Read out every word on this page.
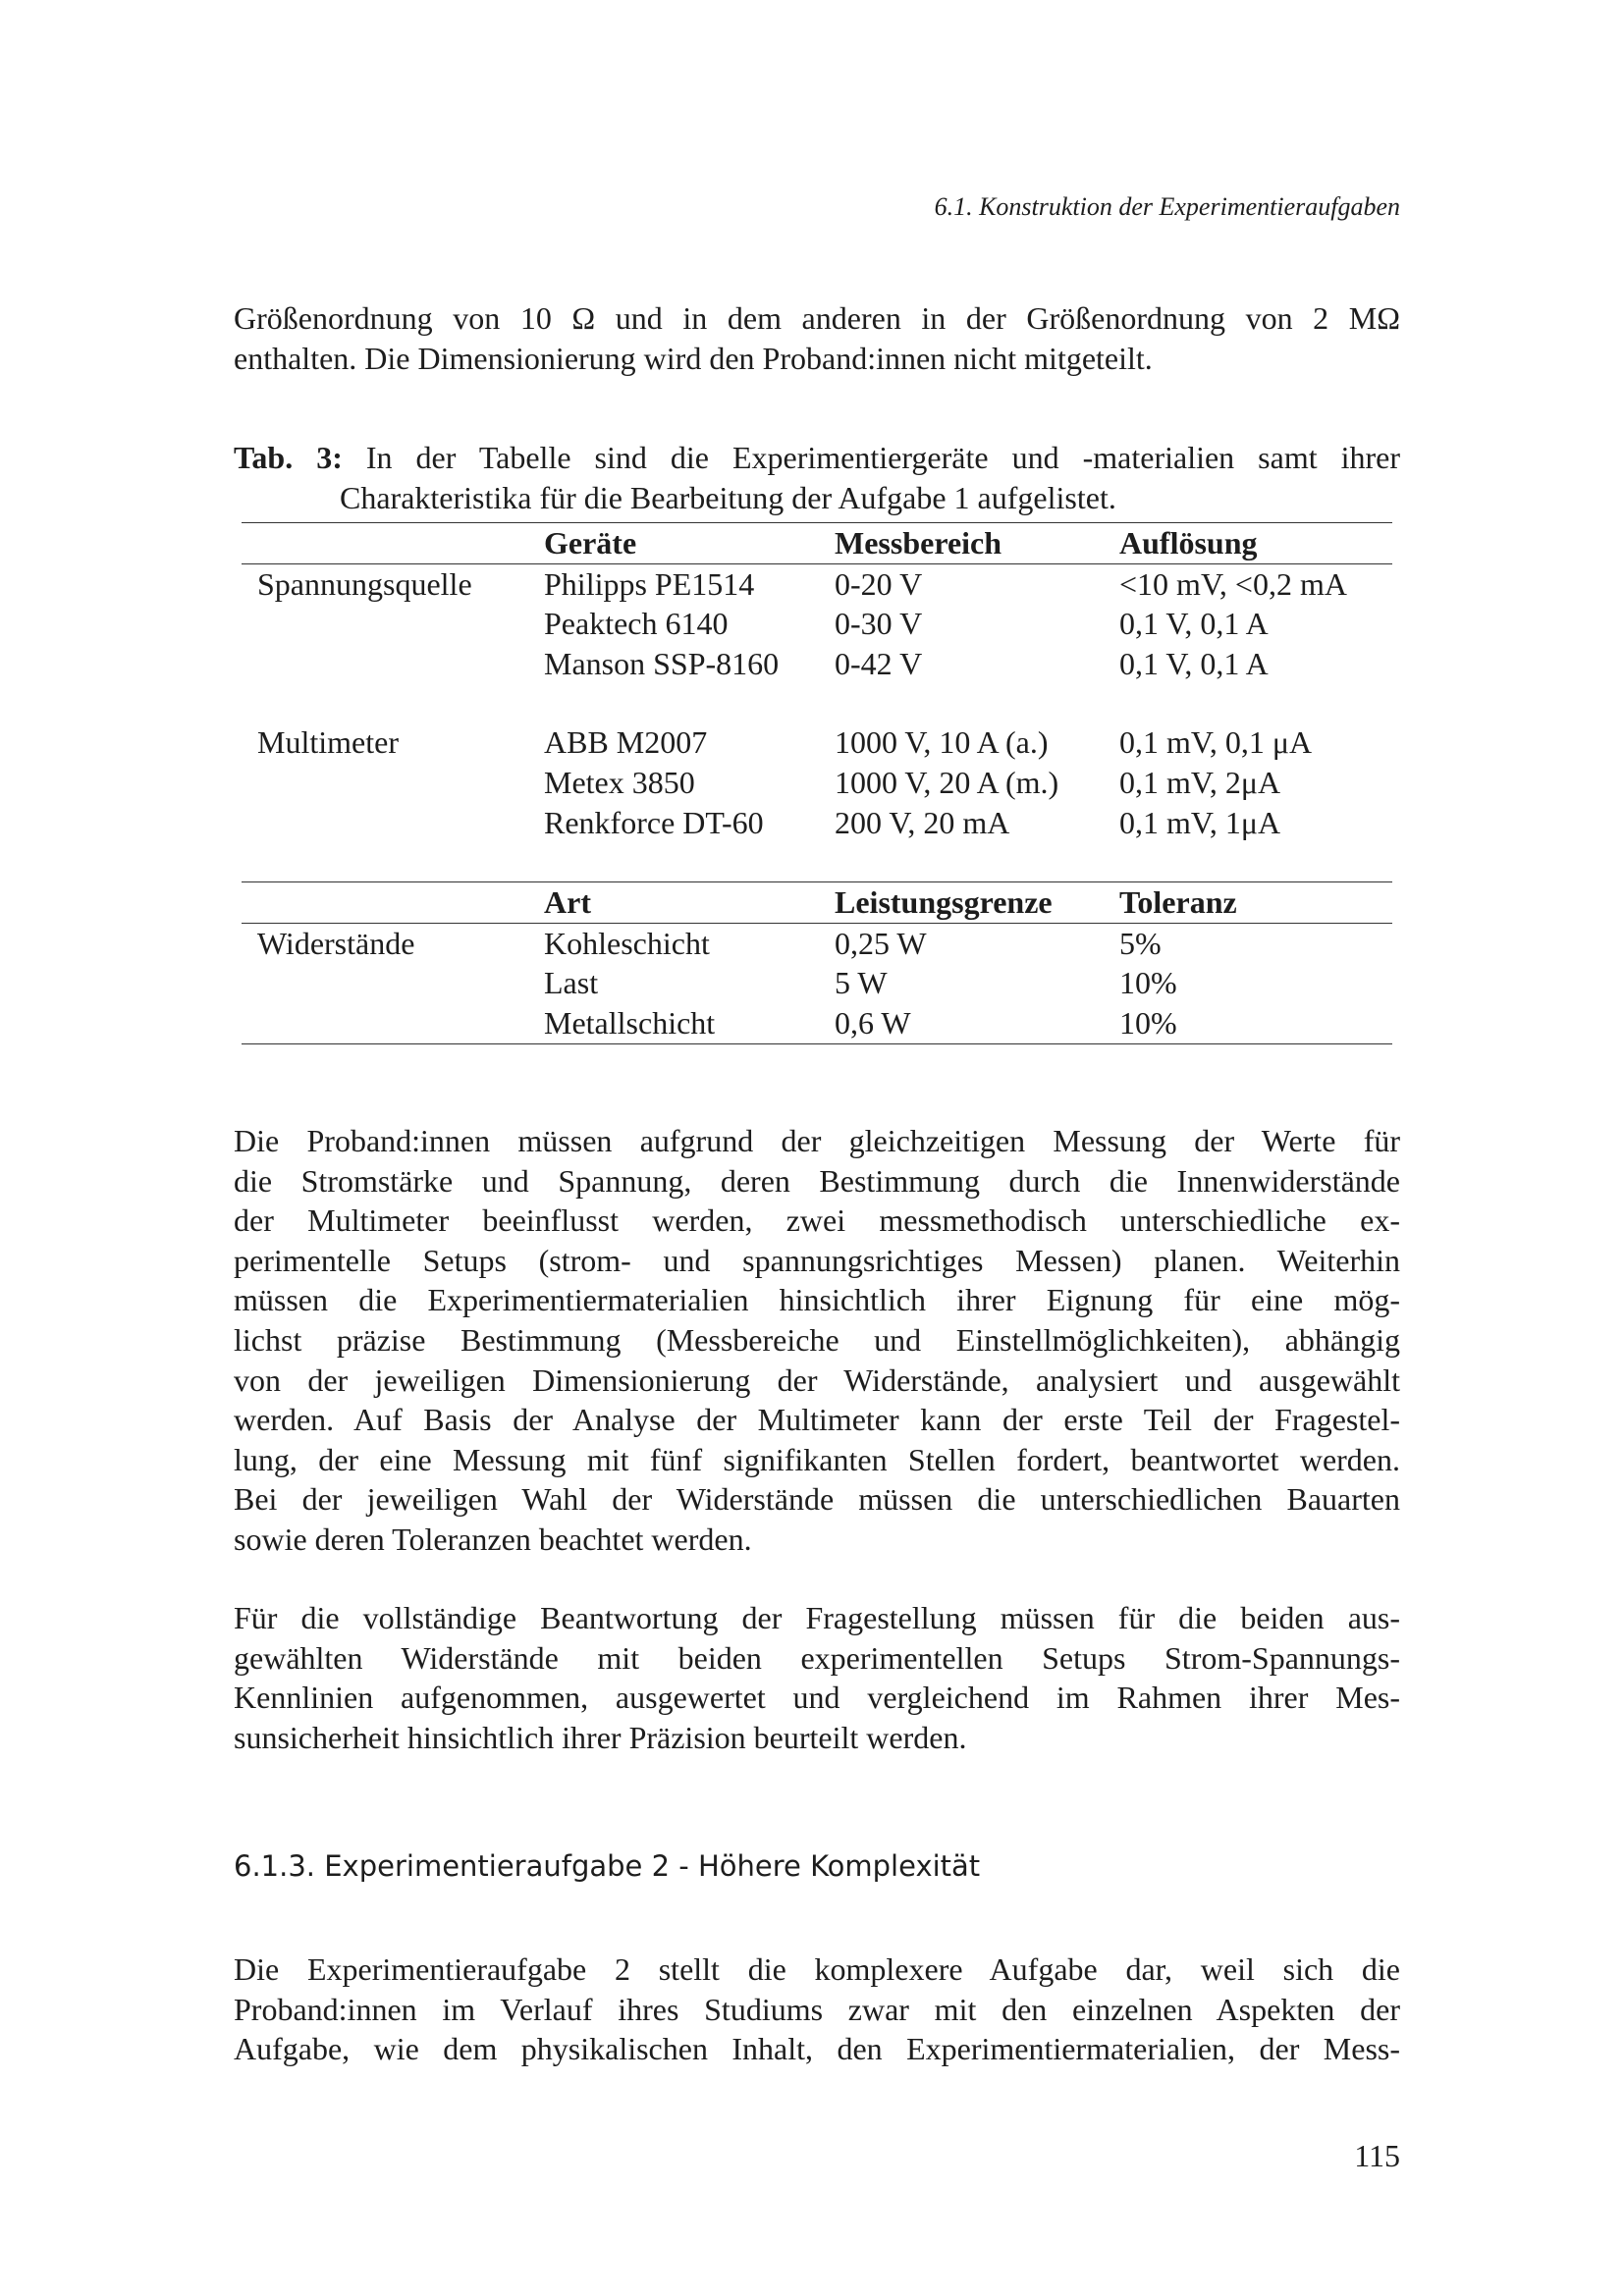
6.1. Konstruktion der Experimentieraufgaben

Größenordnung von 10 Ω und in dem anderen in der Größenordnung von 2 MΩ
enthalten. Die Dimensionierung wird den Proband:innen nicht mitgeteilt.

Tab. 3: In der Tabelle sind die Experimentiergeräte und -materialien samt ihrer
Charakteristika für die Bearbeitung der Aufgabe 1 aufgelistet.
	Geräte	Messbereich	Auflösung
Spannungsquelle	Philipps PE1514	0-20 V	<10 mV, <0,2 mA
	Peaktech 6140	0-30 V	0,1 V, 0,1 A
	Manson SSP-8160	0-42 V	0,1 V, 0,1 A

Multimeter	ABB M2007	1000 V, 10 A (a.)	0,1 mV, 0,1 μA
	Metex 3850	1000 V, 20 A (m.)	0,1 mV, 2μA
	Renkforce DT-60	200 V, 20 mA	0,1 mV, 1μA

	Art	Leistungsgrenze	Toleranz
Widerstände	Kohleschicht	0,25 W	5%
	Last	5 W	10%
	Metallschicht	0,6 W	10%

Die Proband:innen müssen aufgrund der gleichzeitigen Messung der Werte für
die Stromstärke und Spannung, deren Bestimmung durch die Innenwiderstände
der Multimeter beeinflusst werden, zwei messmethodisch unterschiedliche ex-
perimentelle Setups (strom- und spannungsrichtiges Messen) planen. Weiterhin
müssen die Experimentiermaterialien hinsichtlich ihrer Eignung für eine mög-
lichst präzise Bestimmung (Messbereiche und Einstellmöglichkeiten), abhängig
von der jeweiligen Dimensionierung der Widerstände, analysiert und ausgewählt
werden. Auf Basis der Analyse der Multimeter kann der erste Teil der Fragestel-
lung, der eine Messung mit fünf signifikanten Stellen fordert, beantwortet werden.
Bei der jeweiligen Wahl der Widerstände müssen die unterschiedlichen Bauarten
sowie deren Toleranzen beachtet werden.

Für die vollständige Beantwortung der Fragestellung müssen für die beiden aus-
gewählten Widerstände mit beiden experimentellen Setups Strom-Spannungs-
Kennlinien aufgenommen, ausgewertet und vergleichend im Rahmen ihrer Mes-
sunsicherheit hinsichtlich ihrer Präzision beurteilt werden.

6.1.3. Experimentieraufgabe 2 - Höhere Komplexität

Die Experimentieraufgabe 2 stellt die komplexere Aufgabe dar, weil sich die
Proband:innen im Verlauf ihres Studiums zwar mit den einzelnen Aspekten der
Aufgabe, wie dem physikalischen Inhalt, den Experimentiermaterialien, der Mess-

115
